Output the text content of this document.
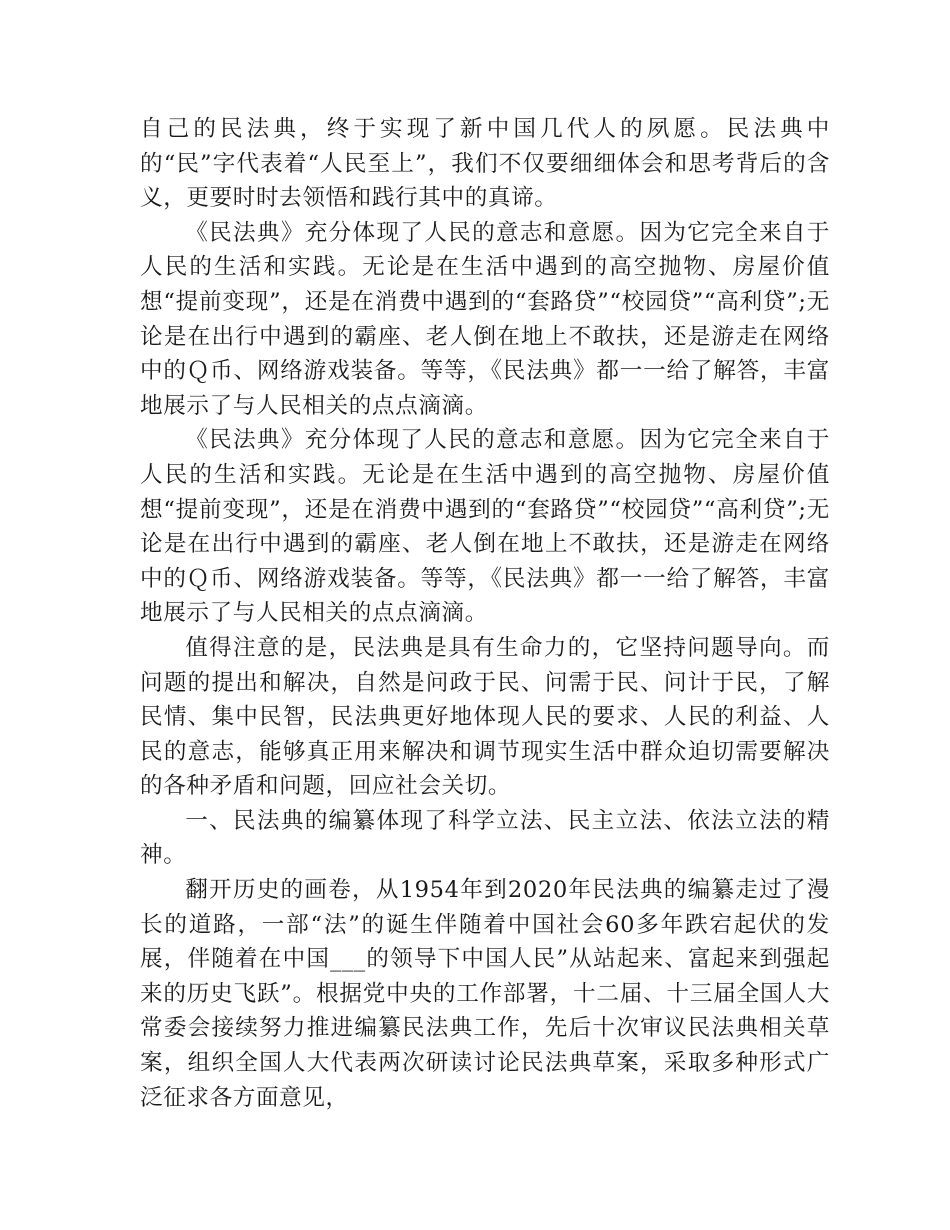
自己的民法典，终于实现了新中国几代人的夙愿。民法典中的“民”字代表着“人民至上”，我们不仅要细细体会和思考背后的含义，更要时时去领悟和践行其中的真谛。

《民法典》充分体现了人民的意志和意愿。因为它完全来自于人民的生活和实践。无论是在生活中遇到的高空抛物、房屋价值想“提前变现”，还是在消费中遇到的“套路贷”“校园贷”“高利贷”;无论是在出行中遇到的霸座、老人倒在地上不敢扶，还是游走在网络中的Ｑ币、网络游戏装备。等等，《民法典》都一一给了解答，丰富地展示了与人民相关的点点滴滴。

《民法典》充分体现了人民的意志和意愿。因为它完全来自于人民的生活和实践。无论是在生活中遇到的高空抛物、房屋价值想“提前变现”，还是在消费中遇到的“套路贷”“校园贷”“高利贷”;无论是在出行中遇到的霸座、老人倒在地上不敢扶，还是游走在网络中的Ｑ币、网络游戏装备。等等，《民法典》都一一给了解答，丰富地展示了与人民相关的点点滴滴。

值得注意的是，民法典是具有生命力的，它坚持问题导向。而问题的提出和解决，自然是问政于民、问需于民、问计于民，了解民情、集中民智，民法典更好地体现人民的要求、人民的利益、人民的意志，能够真正用来解决和调节现实生活中群众迫切需要解决的各种矛盾和问题，回应社会关切。

一、民法典的编纂体现了科学立法、民主立法、依法立法的精神。

翻开历史的画卷，从1954年到2020年民法典的编纂走过了漫长的道路，一部“法”的诞生伴随着中国社会60多年跌宕起伏的发展，伴随着在中国___的领导下中国人民”从站起来、富起来到强起来的历史飞跃”。根据党中央的工作部署，十二届、十三届全国人大常委会接续努力推进编纂民法典工作，先后十次审议民法典相关草案，组织全国人大代表两次研读讨论民法典草案，采取多种形式广泛征求各方面意见，
